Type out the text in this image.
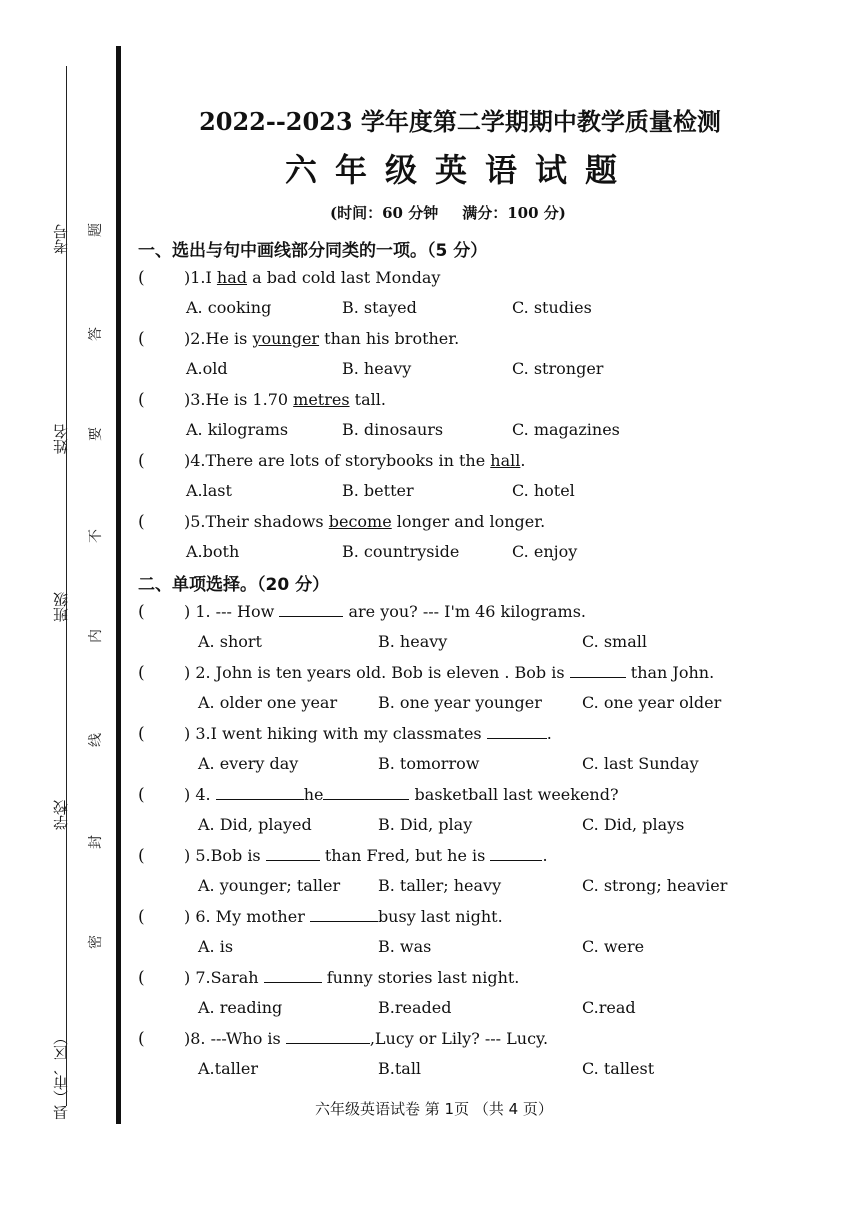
考号
姓名
班级
学校
县（市、区）
题
答
要
不
内
线
封
密
2022--2023 学年度第二学期期中教学质量检测
六年级英语试题
(时间：60 分钟 满分：100 分)
一、选出与句中画线部分同类的一项。（5 分）
( )1.I had a bad cold last Monday
A. cooking	B. stayed	C. studies
( )2.He is younger than his brother.
A.old	B. heavy	C. stronger
( )3.He is 1.70 metres tall.
A. kilograms	B. dinosaurs	C. magazines
( )4.There are lots of storybooks in the hall.
A.last	B. better	C. hotel
( )5.Their shadows become longer and longer.
A.both	B. countryside	C. enjoy
二、单项选择。（20 分）
( ) 1. --- How	are you? --- I'm 46 kilograms.
A. short	B. heavy	C. small
( ) 2. John is ten years old. Bob is eleven . Bob is	than John.
A. older one year	B. one year younger	C. one year older
( ) 3.I went hiking with my classmates	.
A. every day	B. tomorrow	C. last Sunday
( ) 4.	he	basketball last weekend?
A. Did, played	B. Did, play	C. Did, plays
( ) 5.Bob is	than Fred, but he is	.
A. younger; taller B. taller; heavy	C. strong; heavier
( ) 6. My mother	busy last night.
A. is	B. was	C. were
( ) 7.Sarah	funny stories last night.
A. reading	B.readed	C.read
( )8. ---Who is	,Lucy or Lily? --- Lucy.
A.taller	B.tall	C. tallest
六年级英语试卷 第 1页 （共 4 页）
